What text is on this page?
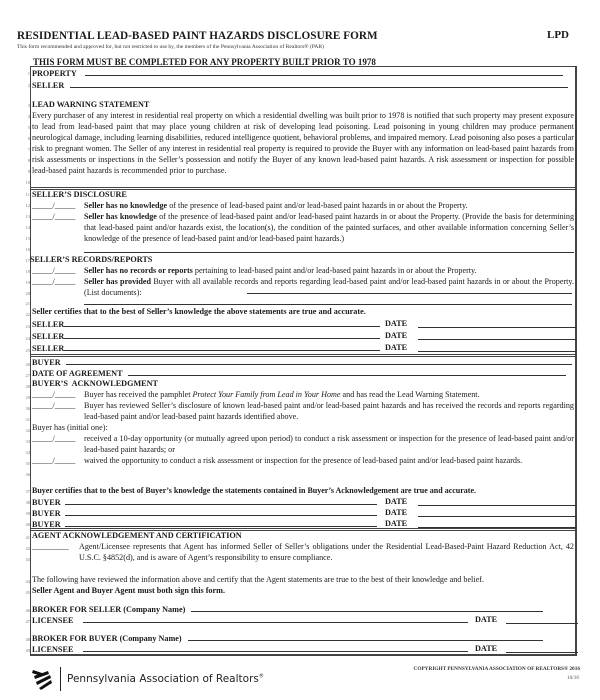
RESIDENTIAL LEAD-BASED PAINT HAZARDS DISCLOSURE FORM	LPD
This form recommended and approved for, but not restricted to use by, the members of the Pennsylvania Association of Realtors® (PAR)
THIS FORM MUST BE COMPLETED FOR ANY PROPERTY BUILT PRIOR TO 1978
1
2
3
4
5
6
7
8
9
10
11
12
13
14
15
16
17
18
19
20
21
22
23
24
25
26
27
28
29
30
31
32
33
34
35
36
37
38
39
40
41
42
43
44
45
46
47
48
49
PROPERTY
SELLER
LEAD WARNING STATEMENT
Every purchaser of any interest in residential real property on which a residential dwelling was built prior to 1978 is notified that such property may present exposure to lead from lead-based paint that may place young children at risk of developing lead poisoning. Lead poisoning in young children may produce permanent neurological damage, including learning disabilities, reduced intelligence quotient, behavioral problems, and impaired memory. Lead poisoning also poses a particular risk to pregnant women. The Seller of any interest in residential real property is required to provide the Buyer with any information on lead-based paint hazards from risk assessments or inspections in the Seller’s possession and notify the Buyer of any known lead-based paint hazards. A risk assessment or inspection for possible lead-based paint hazards is recommended prior to purchase.
SELLER’S DISCLOSURE
_____/_____ Seller has no knowledge of the presence of lead-based paint and/or lead-based paint hazards in or about the Property.
_____/_____ Seller has knowledge of the presence of lead-based paint and/or lead-based paint hazards in or about the Property. (Provide the basis for determining that lead-based paint and/or hazards exist, the location(s), the condition of the painted surfaces, and other available information concerning Seller’s knowledge of the presence of lead-based paint and/or lead-based paint hazards.)
SELLER’S RECORDS/REPORTS
_____/_____ Seller has no records or reports pertaining to lead-based paint and/or lead-based paint hazards in or about the Property.
_____/_____ Seller has provided Buyer with all available records and reports regarding lead-based paint and/or lead-based paint hazards in or about the Property. (List documents):
Seller certifies that to the best of Seller’s knowledge the above statements are true and accurate.
SELLER	DATE
SELLER	DATE
SELLER	DATE
BUYER
DATE OF AGREEMENT
BUYER’S  ACKNOWLEDGMENT
_____/_____ Buyer has received the pamphlet Protect Your Family from Lead in Your Home and has read the Lead Warning Statement.
_____/_____ Buyer has reviewed Seller’s disclosure of known lead-based paint and/or lead-based paint hazards and has received the records and reports regarding lead-based paint and/or lead-based paint hazards identified above.
Buyer has (initial one):
_____/_____ received a 10-day opportunity (or mutually agreed upon period) to conduct a risk assessment or inspection for the presence of lead-based paint and/or lead-based paint hazards; or
_____/_____ waived the opportunity to conduct a risk assessment or inspection for the presence of lead-based paint and/or lead-based paint hazards.
Buyer certifies that to the best of Buyer’s knowledge the statements contained in Buyer’s Acknowledgement are true and accurate.
BUYER	DATE
BUYER	DATE
BUYER	DATE
AGENT ACKNOWLEDGEMENT AND CERTIFICATION
_________ Agent/Licensee represents that Agent has informed Seller of Seller’s obligations under the Residential Lead-Based-Paint Hazard Reduction Act, 42 U.S.C. §4852(d), and is aware of Agent’s responsibility to ensure compliance.
The following have reviewed the information above and certify that the Agent statements are true to the best of their knowledge and belief.
Seller Agent and Buyer Agent must both sign this form.
BROKER FOR SELLER (Company Name)
LICENSEE	DATE
BROKER FOR BUYER (Company Name)
LICENSEE	DATE
Pennsylvania Association of Realtors®
COPYRIGHT PENNSYLVANIA ASSOCIATION OF REALTORS® 2016
10/16
